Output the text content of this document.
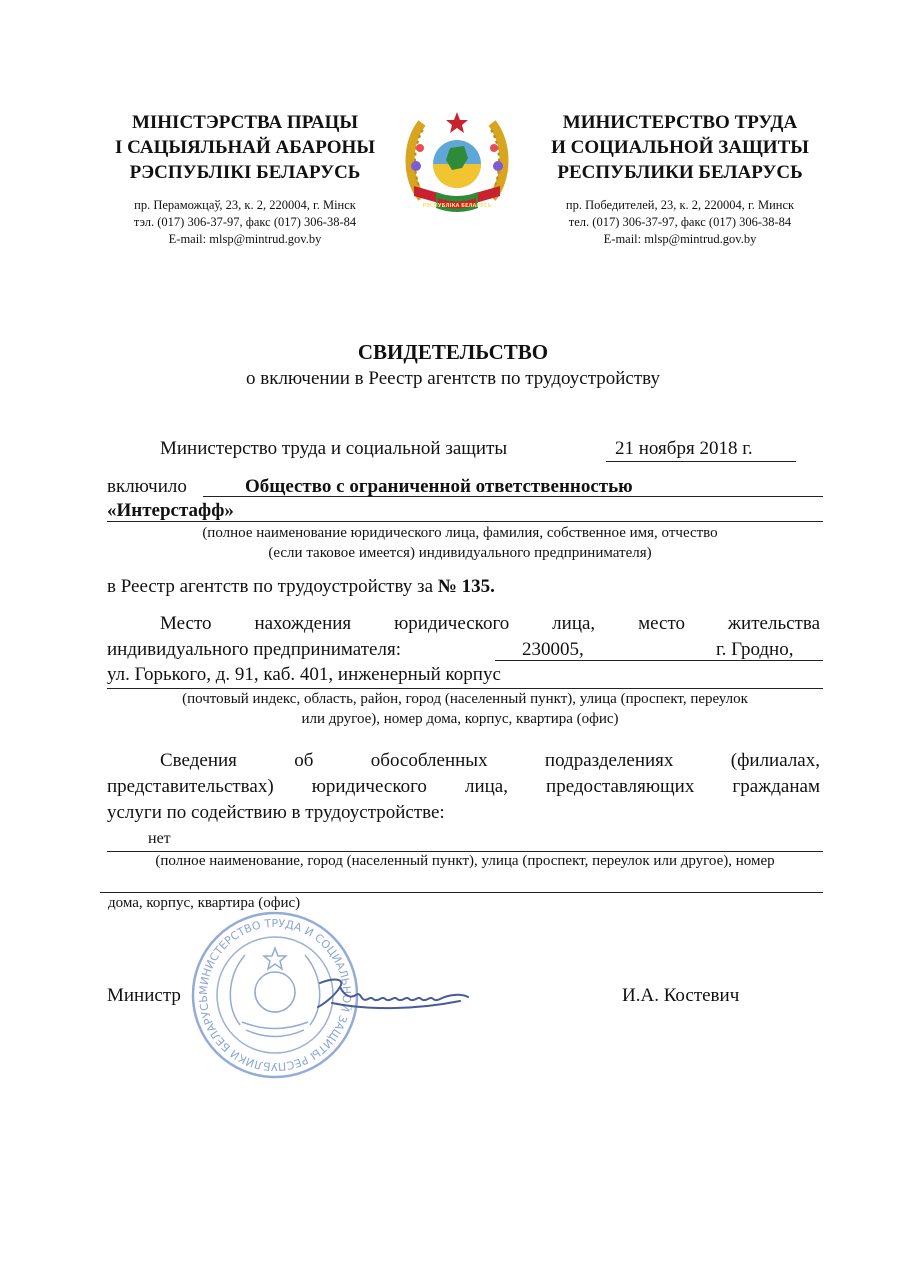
МІНІСТЭРСТВА ПРАЦЫ
І САЦЫЯЛЬНАЙ АБАРОНЫ
РЭСПУБЛІКІ БЕЛАРУСЬ
пр. Пераможцаў, 23, к. 2, 220004, г. Мінск
тэл. (017) 306-37-97, факс (017) 306-38-84
E-mail: mlsp@mintrud.gov.by
РЭСПУБЛІКА БЕЛАРУСЬ
МИНИСТЕРСТВО ТРУДА
И СОЦИАЛЬНОЙ ЗАЩИТЫ
РЕСПУБЛИКИ БЕЛАРУСЬ
пр. Победителей, 23, к. 2, 220004, г. Минск
тел. (017) 306-37-97, факс (017) 306-38-84
E-mail: mlsp@mintrud.gov.by
СВИДЕТЕЛЬСТВО
о включении в Реестр агентств по трудоустройству
Министерство труда и социальной защиты	21 ноября 2018 г.
включило	Общество с ограниченной ответственностью
«Интерстафф»
(полное наименование юридического лица, фамилия, собственное имя, отчество
(если таковое имеется) индивидуального предпринимателя)
в Реестр агентств по трудоустройству за № 135.
Место нахождения юридического лица, место жительства
индивидуального предпринимателя:	230005,	г. Гродно,
ул. Горького, д. 91, каб. 401, инженерный корпус
(почтовый индекс, область, район, город (населенный пункт), улица (проспект, переулок
или другое), номер дома, корпус, квартира (офис)
Сведения об обособленных подразделениях (филиалах,
представительствах) юридического лица, предоставляющих гражданам
услуги по содействию в трудоустройстве:
нет
(полное наименование, город (населенный пункт), улица (проспект, переулок или другое), номер
дома, корпус, квартира (офис)
МИНИСТЕРСТВО ТРУДА И СОЦИАЛЬНОЙ ЗАЩИТЫ РЕСПУБЛИКИ БЕЛАРУСЬ
Министр	И.А. Костевич
